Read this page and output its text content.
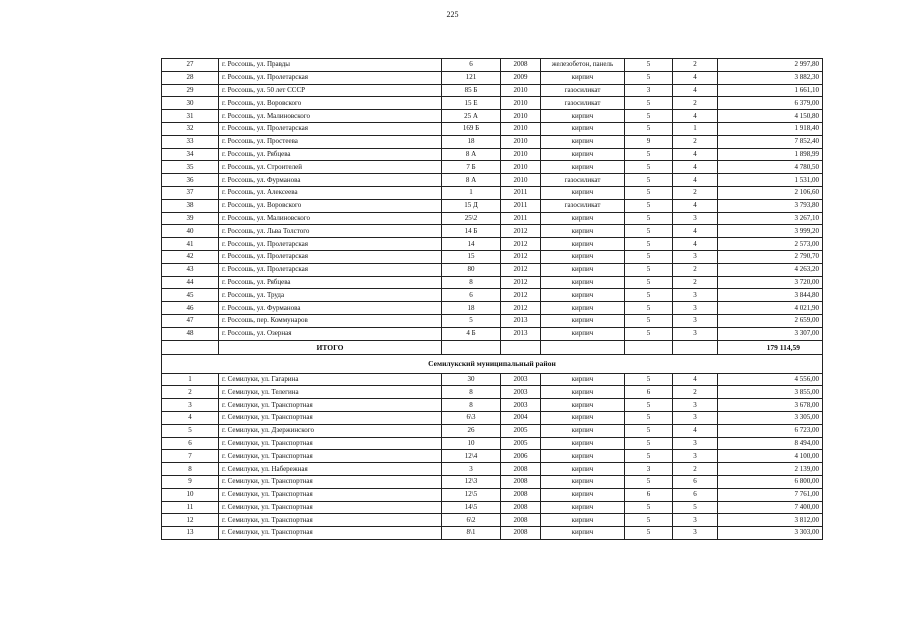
225
27	г. Россошь, ул. Правды	6	2008	железобетон, панель	5	2	2 997,80
28	г. Россошь, ул. Пролетарская	121	2009	кирпич	5	4	3 882,30
29	г. Россошь, ул. 50 лет СССР	85 Б	2010	газосиликат	3	4	1 661,10
30	г. Россошь, ул. Воровского	15 Е	2010	газосиликат	5	2	6 379,00
31	г. Россошь, ул. Малиновского	25 А	2010	кирпич	5	4	4 150,80
32	г. Россошь, ул. Пролетарская	169 Б	2010	кирпич	5	1	1 918,40
33	г. Россошь, ул. Простеева	18	2010	кирпич	9	2	7 852,40
34	г. Россошь, ул. Рябцева	8 А	2010	кирпич	5	4	1 898,99
35	г. Россошь, ул. Строителей	7 Б	2010	кирпич	5	4	4 780,50
36	г. Россошь, ул. Фурманова	8 А	2010	газосиликат	5	4	1 531,00
37	г. Россошь, ул. Алексеева	1	2011	кирпич	5	2	2 106,60
38	г. Россошь, ул. Воровского	15 Д	2011	газосиликат	5	4	3 793,80
39	г. Россошь, ул. Малиновского	25\2	2011	кирпич	5	3	3 267,10
40	г. Россошь, ул. Льва Толстого	14 Б	2012	кирпич	5	4	3 999,20
41	г. Россошь, ул. Пролетарская	14	2012	кирпич	5	4	2 573,00
42	г. Россошь, ул. Пролетарская	15	2012	кирпич	5	3	2 790,70
43	г. Россошь, ул. Пролетарская	80	2012	кирпич	5	2	4 263,20
44	г. Россошь, ул. Рябцева	8	2012	кирпич	5	2	3 720,00
45	г. Россошь, ул. Труда	6	2012	кирпич	5	3	3 844,80
46	г. Россошь, ул. Фурманова	18	2012	кирпич	5	3	4 021,90
47	г. Россошь, пер. Коммунаров	5	2013	кирпич	5	3	2 659,00
48	г. Россошь, ул. Озерная	4 Б	2013	кирпич	5	3	3 307,00
	ИТОГО						179 114,59
Семилукский муниципальный район							
1	г. Семилуки, ул. Гагарина	30	2003	кирпич	5	4	4 556,00
2	г. Семилуки, ул. Телегина	8	2003	кирпич	6	2	3 855,00
3	г. Семилуки, ул. Транспортная	8	2003	кирпич	5	3	3 678,00
4	г. Семилуки, ул. Транспортная	6\3	2004	кирпич	5	3	3 305,00
5	г. Семилуки, ул. Дзержинского	26	2005	кирпич	5	4	6 723,00
6	г. Семилуки, ул. Транспортная	10	2005	кирпич	5	3	8 494,00
7	г. Семилуки, ул. Транспортная	12\4	2006	кирпич	5	3	4 100,00
8	г. Семилуки, ул. Набережная	3	2008	кирпич	3	2	2 139,00
9	г. Семилуки, ул. Транспортная	12\3	2008	кирпич	5	6	6 800,00
10	г. Семилуки, ул. Транспортная	12\5	2008	кирпич	6	6	7 761,00
11	г. Семилуки, ул. Транспортная	14\5	2008	кирпич	5	5	7 400,00
12	г. Семилуки, ул. Транспортная	6\2	2008	кирпич	5	3	3 812,00
13	г. Семилуки, ул. Транспортная	8\1	2008	кирпич	5	3	3 303,00
